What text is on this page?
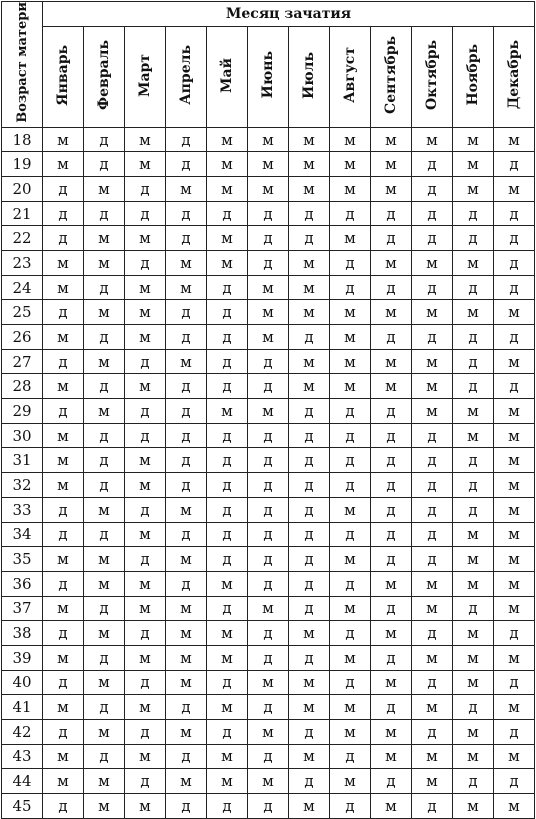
Возраст матери	Месяц зачатия											
	Январь	Февраль	Март	Апрель	Май	Июнь	Июль	Август	Сентябрь	Октябрь	Ноябрь	Декабрь
18	м	д	м	д	м	м	м	м	м	м	м	м
19	м	д	м	д	м	м	м	м	м	д	м	д
20	д	м	д	м	м	м	м	м	м	д	м	м
21	д	д	д	д	д	д	д	д	д	д	д	д
22	д	м	м	д	м	д	д	м	д	д	д	д
23	м	м	д	м	м	д	м	д	м	м	м	д
24	м	д	м	м	д	м	м	д	д	д	д	д
25	д	м	м	д	д	м	м	м	м	м	м	м
26	м	д	м	д	д	м	д	м	д	д	д	д
27	д	м	д	м	д	д	м	м	м	м	д	м
28	м	д	м	д	д	д	м	м	м	м	д	д
29	д	м	д	д	м	м	д	д	д	м	м	м
30	м	д	д	д	д	д	д	д	д	д	м	м
31	м	д	м	д	д	д	д	д	д	д	д	м
32	м	д	м	д	д	д	д	д	д	д	д	м
33	д	м	д	м	д	д	д	м	д	д	д	м
34	д	д	м	д	д	д	д	д	д	д	м	м
35	м	м	д	м	д	д	д	м	д	д	м	м
36	д	м	м	д	м	д	д	д	м	м	м	м
37	м	д	м	м	д	м	д	м	д	м	д	м
38	д	м	д	м	м	д	м	д	м	д	м	д
39	м	д	м	м	м	д	д	м	д	м	м	м
40	д	м	д	м	д	м	м	д	м	д	м	д
41	м	д	м	д	м	д	м	м	д	м	д	м
42	д	м	д	м	д	м	д	м	м	д	м	д
43	м	д	м	д	м	д	м	д	м	м	м	м
44	м	м	д	м	м	м	д	м	д	м	д	д
45	д	м	м	д	д	д	м	д	м	д	м	м
